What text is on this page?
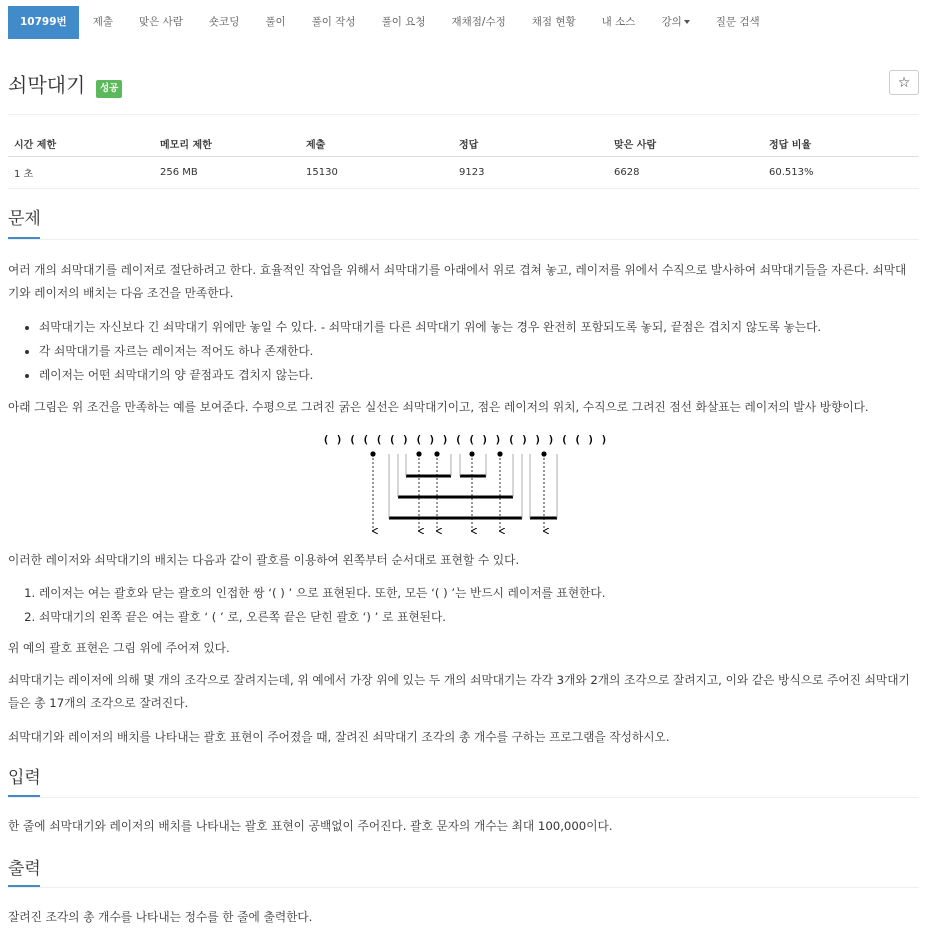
10799번	제출 맞은 사람 숏코딩 풀이 풀이 작성 풀이 요청 재채점/수정 채점 현황 내 소스 강의	질문 검색
쇠막대기	성공	☆
시간 제한	메모리 제한	제출	정답	맞은 사람	정답 비율
1 초	256 MB	15130	9123	6628	60.513%
문제
여러 개의 쇠막대기를 레이저로 절단하려고 한다. 효율적인 작업을 위해서 쇠막대기를 아래에서 위로 겹쳐 놓고, 레이저를 위에서 수직으로 발사하여 쇠막대기들을 자른다. 쇠막대기와 레이저의 배치는 다음 조건을 만족한다.
• 쇠막대기는 자신보다 긴 쇠막대기 위에만 놓일 수 있다. - 쇠막대기를 다른 쇠막대기 위에 놓는 경우 완전히 포함되도록 놓되, 끝점은 겹치지 않도록 놓는다.
• 각 쇠막대기를 자르는 레이저는 적어도 하나 존재한다.
• 레이저는 어떤 쇠막대기의 양 끝점과도 겹치지 않는다.
아래 그림은 위 조건을 만족하는 예를 보여준다. 수평으로 그려진 굵은 실선은 쇠막대기이고, 점은 레이저의 위치, 수직으로 그려진 점선 화살표는 레이저의 발사 방향이다.
( ) ( ( ( ( ) ( ) ) ( ( ) ) ( ) ) ) ( ( ) )
이러한 레이저와 쇠막대기의 배치는 다음과 같이 괄호를 이용하여 왼쪽부터 순서대로 표현할 수 있다.
1. 레이저는 여는 괄호와 닫는 괄호의 인접한 쌍 ‘( ) ’ 으로 표현된다. 또한, 모든 ‘( ) ’는 반드시 레이저를 표현한다.
2. 쇠막대기의 왼쪽 끝은 여는 괄호 ‘ ( ’ 로, 오른쪽 끝은 닫힌 괄호 ‘) ’ 로 표현된다.
위 예의 괄호 표현은 그림 위에 주어져 있다.
쇠막대기는 레이저에 의해 몇 개의 조각으로 잘려지는데, 위 예에서 가장 위에 있는 두 개의 쇠막대기는 각각 3개와 2개의 조각으로 잘려지고, 이와 같은 방식으로 주어진 쇠막대기들은 총 17개의 조각으로 잘려진다.
쇠막대기와 레이저의 배치를 나타내는 괄호 표현이 주어졌을 때, 잘려진 쇠막대기 조각의 총 개수를 구하는 프로그램을 작성하시오.
입력
한 줄에 쇠막대기와 레이저의 배치를 나타내는 괄호 표현이 공백없이 주어진다. 괄호 문자의 개수는 최대 100,000이다.
출력
잘려진 조각의 총 개수를 나타내는 정수를 한 줄에 출력한다.
